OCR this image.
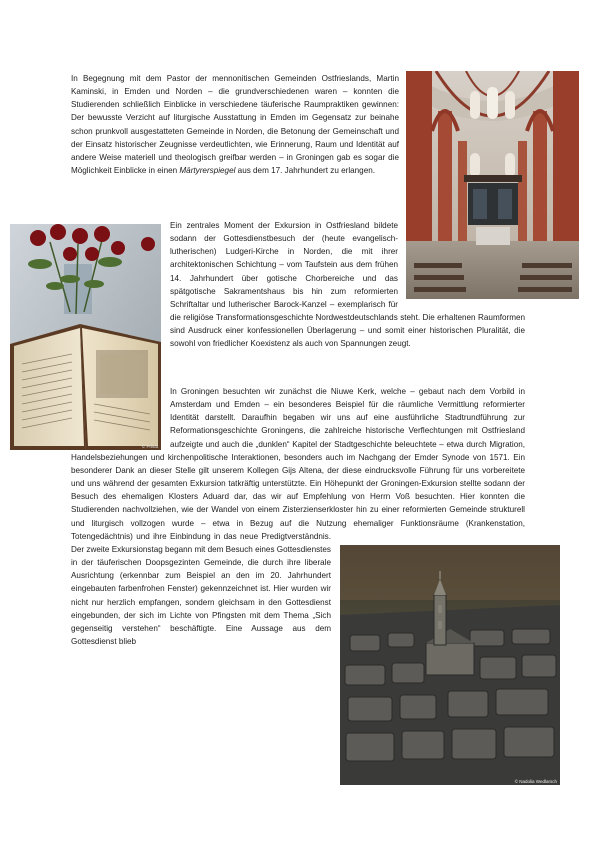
In Begegnung mit dem Pastor der mennonitischen Gemeinden Ostfrieslands, Martin Kaminski, in Emden und Norden – die grundverschiedenen waren – konnten die Studierenden schließlich Einblicke in verschiedene täuferische Raumpraktiken gewinnen: Der bewusste Verzicht auf liturgische Ausstattung in Emden im Gegensatz zur beinahe schon prunkvoll ausgestatteten Gemeinde in Norden, die Betonung der Gemeinschaft und der Einsatz historischer Zeugnisse verdeutlichten, wie Erinnerung, Raum und Identität auf andere Weise materiell und theologisch greifbar werden – in Groningen gab es sogar die Möglichkeit Einblicke in einen Märtyrerspiegel aus dem 17. Jahrhundert zu erlangen.
Ein zentrales Moment der Exkursion in Ostfriesland bildete sodann der Gottesdienstbesuch der (heute evangelisch-lutherischen) Ludgeri-Kirche in Norden, die mit ihrer architektonischen Schichtung – vom Taufstein aus dem frühen 14. Jahrhundert über gotische Chorbereiche und das spätgotische Sakramentshaus bis hin zum reformierten Schriftaltar und lutherischer Barock-Kanzel – exemplarisch für die religiöse Transformationsgeschichte Nordwestdeutschlands steht. Die erhaltenen Raumformen sind Ausdruck einer konfessionellen Überlagerung – und somit einer historischen Pluralität, die sowohl von friedlicher Koexistenz als auch von Spannungen zeugt.
In Groningen besuchten wir zunächst die Niuwe Kerk, welche – gebaut nach dem Vorbild in Amsterdam und Emden – ein besonderes Beispiel für die räumliche Vermittlung reformierter Identität darstellt. Daraufhin begaben wir uns auf eine ausführliche Stadtrundführung zur Reformationsgeschichte Groningens, die zahlreiche historische Verflechtungen mit Ostfriesland aufzeigte und auch die „dunklen“ Kapitel der Stadtgeschichte beleuchtete – etwa durch Migration, Handelsbeziehungen und kirchenpolitische Interaktionen, besonders auch im Nachgang der Emder Synode von 1571. Ein besonderer Dank an dieser Stelle gilt unserem Kollegen Gijs Altena, der diese eindrucksvolle Führung für uns vorbereitete und uns während der gesamten Exkursion tatkräftig unterstützte. Ein Höhepunkt der Groningen-Exkursion stellte sodann der Besuch des ehemaligen Klosters Aduard dar, das wir auf Empfehlung von Herrn Voß besuchten. Hier konnten die Studierenden nachvollziehen, wie der Wandel von einem Zisterzienserkloster hin zu einer reformierten Gemeinde strukturell und liturgisch vollzogen wurde – etwa in Bezug auf die Nutzung ehemaliger Funktionsräume (Krankenstation, Totengedächtnis) und ihre Einbindung in das neue Predigtverständnis. Der zweite Exkursionstag begann mit dem Besuch eines Gottesdienstes in der täuferischen Doopsgezinten Gemeinde, die durch ihre liberale Ausrichtung (erkennbar zum Beispiel an den im 20. Jahrhundert eingebauten farbenfrohen Fenster) gekennzeichnet ist. Hier wurden wir nicht nur herzlich empfangen, sondern gleichsam in den Gottesdienst eingebunden, der sich im Lichte von Pfingsten mit dem Thema „Sich gegenseitig verstehen“ beschäftigte. Eine Aussage aus dem Gottesdienst blieb
© Privat
© Nadolia Wedlarsch
